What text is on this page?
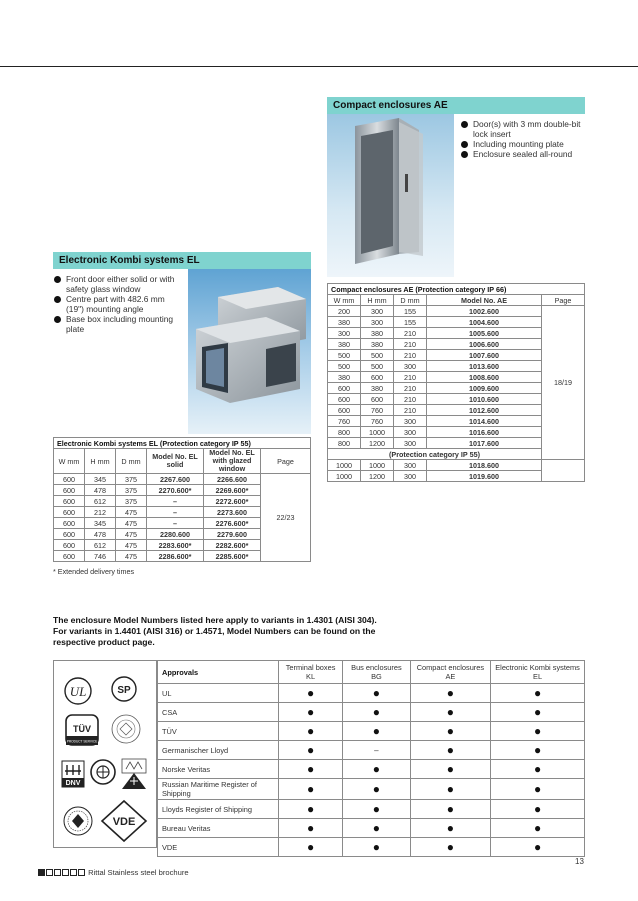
Compact enclosures AE
Door(s) with 3 mm double-bit lock insert
Including mounting plate
Enclosure sealed all-round
Compact enclosures AE (Protection category IP 66)				
W mm	H mm	D mm	Model No. AE	Page
200	300	155	1002.600	18/19
380	300	155	1004.600	
300	380	210	1005.600	
380	380	210	1006.600	
500	500	210	1007.600	
500	500	300	1013.600	
380	600	210	1008.600	
600	380	210	1009.600	
600	600	210	1010.600	
600	760	210	1012.600	
760	760	300	1014.600	
800	1000	300	1016.600	
800	1200	300	1017.600	
(Protection category IP 55)				
1000	1000	300	1018.600	
1000	1200	300	1019.600	
Electronic Kombi systems EL
Front door either solid or with safety glass window
Centre part with 482.6 mm (19") mounting angle
Base box including mounting plate
Electronic Kombi systems EL (Protection category IP 55)					
W mm	H mm	D mm	Model No. EL solid	Model No. EL with glazed window	Page
600	345	375	2267.600	2266.600	22/23
600	478	375	2270.600*	2269.600*	
600	612	375	–	2272.600*	
600	212	475	–	2273.600	
600	345	475	–	2276.600*	
600	478	475	2280.600	2279.600	
600	612	475	2283.600*	2282.600*	
600	746	475	2286.600*	2285.600*	
* Extended delivery times
The enclosure Model Numbers listed here apply to variants in 1.4301 (AISI 304). For variants in 1.4401 (AISI 316) or 1.4571, Model Numbers can be found on the respective product page.
UL	SP
TÜV
PRODUCT SERVICE
DNV
VDE
Approvals	Terminal boxes KL	Bus enclosures BG	Compact enclosures AE	Electronic Kombi systems EL
UL	●	●	●	●
CSA	●	●	●	●
TÜV	●	●	●	●
Germanischer Lloyd	●	–	●	●
Norske Veritas	●	●	●	●
Russian Maritime Register of Shipping	●	●	●	●
Lloyds Register of Shipping	●	●	●	●
Bureau Veritas	●	●	●	●
VDE	●	●	●	●
13
Rittal Stainless steel brochure
